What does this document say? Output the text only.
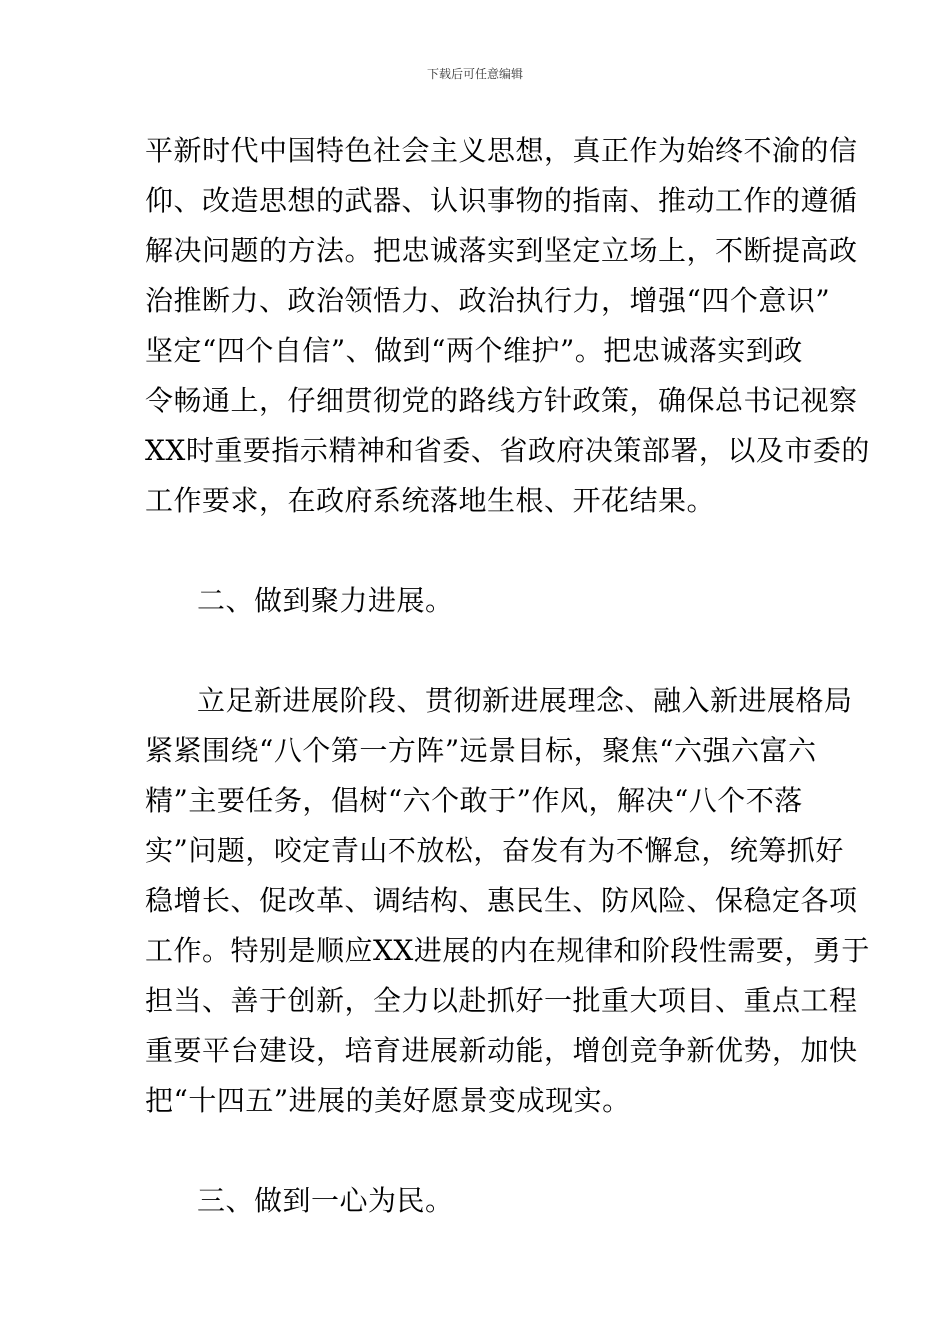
下载后可任意编辑
平新时代中国特色社会主义思想，真正作为始终不渝的信
仰、改造思想的武器、认识事物的指南、推动工作的遵循
解决问题的方法。把忠诚落实到坚定立场上，不断提高政
治推断力、政治领悟力、政治执行力，增强“四个意识”
坚定“四个自信”、做到“两个维护”。把忠诚落实到政
令畅通上，仔细贯彻党的路线方针政策，确保总书记视察
XX时重要指示精神和省委、省政府决策部署，以及市委的
工作要求，在政府系统落地生根、开花结果。
二、做到聚力进展。
立足新进展阶段、贯彻新进展理念、融入新进展格局
紧紧围绕“八个第一方阵”远景目标，聚焦“六强六富六
精”主要任务，倡树“六个敢于”作风，解决“八个不落
实”问题，咬定青山不放松，奋发有为不懈怠，统筹抓好
稳增长、促改革、调结构、惠民生、防风险、保稳定各项
工作。特别是顺应XX进展的内在规律和阶段性需要，勇于
担当、善于创新，全力以赴抓好一批重大项目、重点工程
重要平台建设，培育进展新动能，增创竞争新优势，加快
把“十四五”进展的美好愿景变成现实。
三、做到一心为民。
